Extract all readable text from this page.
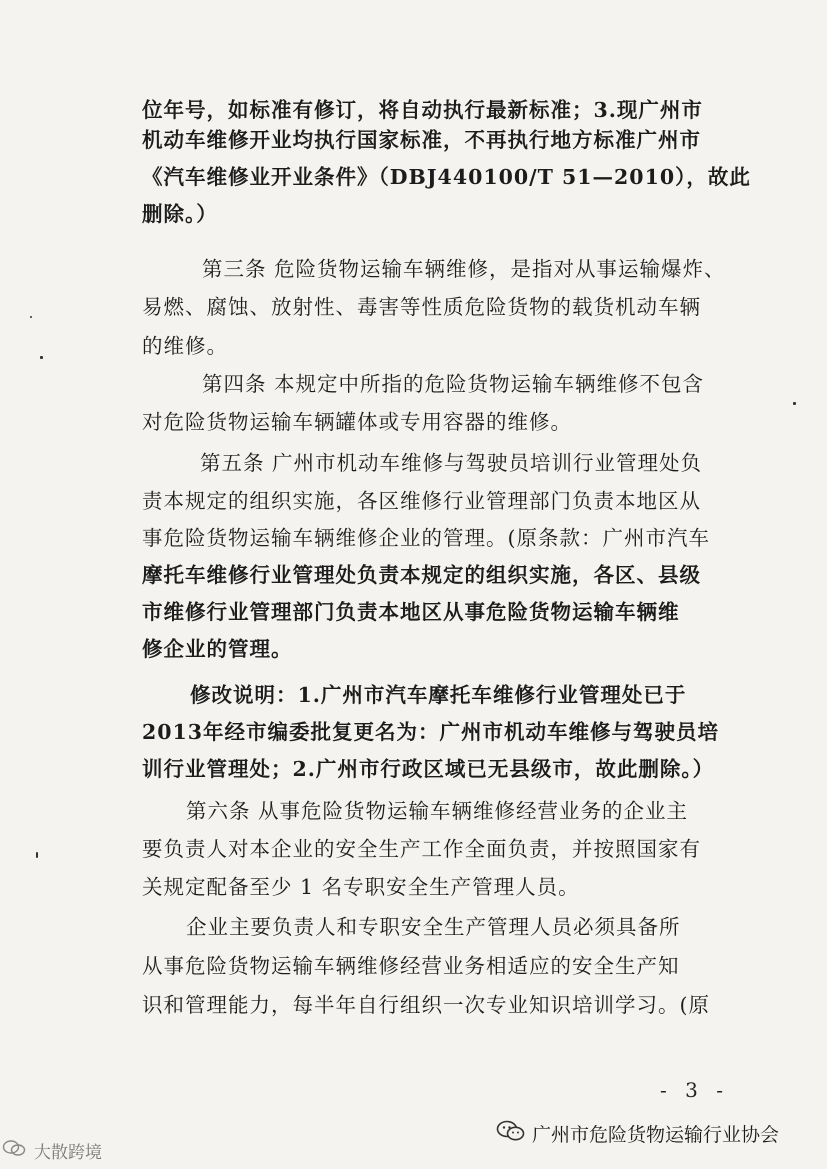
位年号，如标准有修订，将自动执行最新标准；3.现广州市
机动车维修开业均执行国家标准，不再执行地方标准广州市
《汽车维修业开业条件》（DBJ440100/T 51—2010），故此
删除。）
第三条 危险货物运输车辆维修，是指对从事运输爆炸、
易燃、腐蚀、放射性、毒害等性质危险货物的载货机动车辆
的维修。
第四条 本规定中所指的危险货物运输车辆维修不包含
对危险货物运输车辆罐体或专用容器的维修。
第五条 广州市机动车维修与驾驶员培训行业管理处负
责本规定的组织实施，各区维修行业管理部门负责本地区从
事危险货物运输车辆维修企业的管理。(原条款：广州市汽车
摩托车维修行业管理处负责本规定的组织实施，各区、县级
市维修行业管理部门负责本地区从事危险货物运输车辆维
修企业的管理。
修改说明：1.广州市汽车摩托车维修行业管理处已于
2013年经市编委批复更名为：广州市机动车维修与驾驶员培
训行业管理处；2.广州市行政区域已无县级市，故此删除。）
第六条 从事危险货物运输车辆维修经营业务的企业主
要负责人对本企业的安全生产工作全面负责，并按照国家有
关规定配备至少 1 名专职安全生产管理人员。
企业主要负责人和专职安全生产管理人员必须具备所
从事危险货物运输车辆维修经营业务相适应的安全生产知
识和管理能力，每半年自行组织一次专业知识培训学习。(原
- 3 -
广州市危险货物运输行业协会
大散跨境
